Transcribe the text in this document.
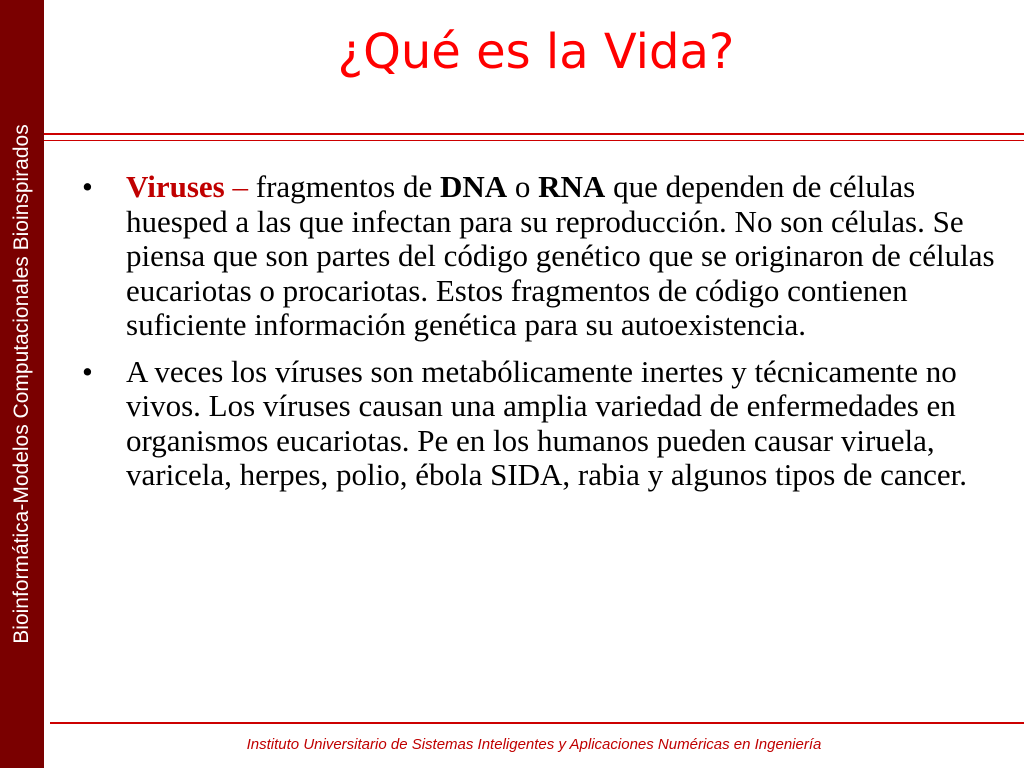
Bioinformática-Modelos Computacionales Bioinspirados
¿Qué es la Vida?
• Viruses – fragmentos de DNA o RNA que dependen de células huesped a las que infectan para su reproducción. No son células. Se piensa que son partes del código genético que se originaron de células eucariotas o procariotas. Estos fragmentos de código contienen suficiente información genética para su autoexistencia.
• A veces los víruses son metabólicamente inertes y técnicamente no vivos. Los víruses causan una amplia variedad de enfermedades en organismos eucariotas. Pe en los humanos pueden causar viruela, varicela, herpes, polio, ébola SIDA, rabia y algunos tipos de cancer.
Instituto Universitario de Sistemas Inteligentes y Aplicaciones Numéricas en Ingeniería
